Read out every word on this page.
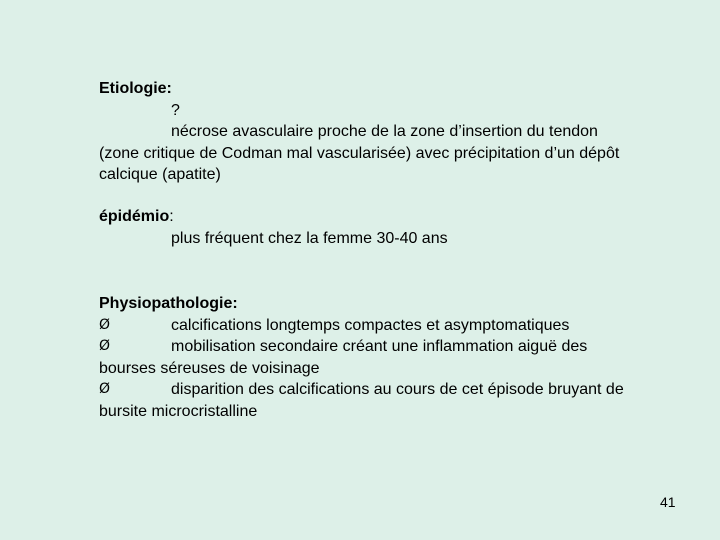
Etiologie:
?
nécrose avasculaire proche de la zone d’insertion du tendon
(zone critique de Codman mal vascularisée) avec précipitation d’un dépôt
calcique (apatite)
épidémio:
plus fréquent chez la femme 30-40 ans
Physiopathologie:
Ø	calcifications longtemps compactes et asymptomatiques
Ø	mobilisation secondaire créant une inflammation aiguë des
bourses séreuses de voisinage
Ø	disparition des calcifications au cours de cet épisode bruyant de
bursite microcristalline
41
